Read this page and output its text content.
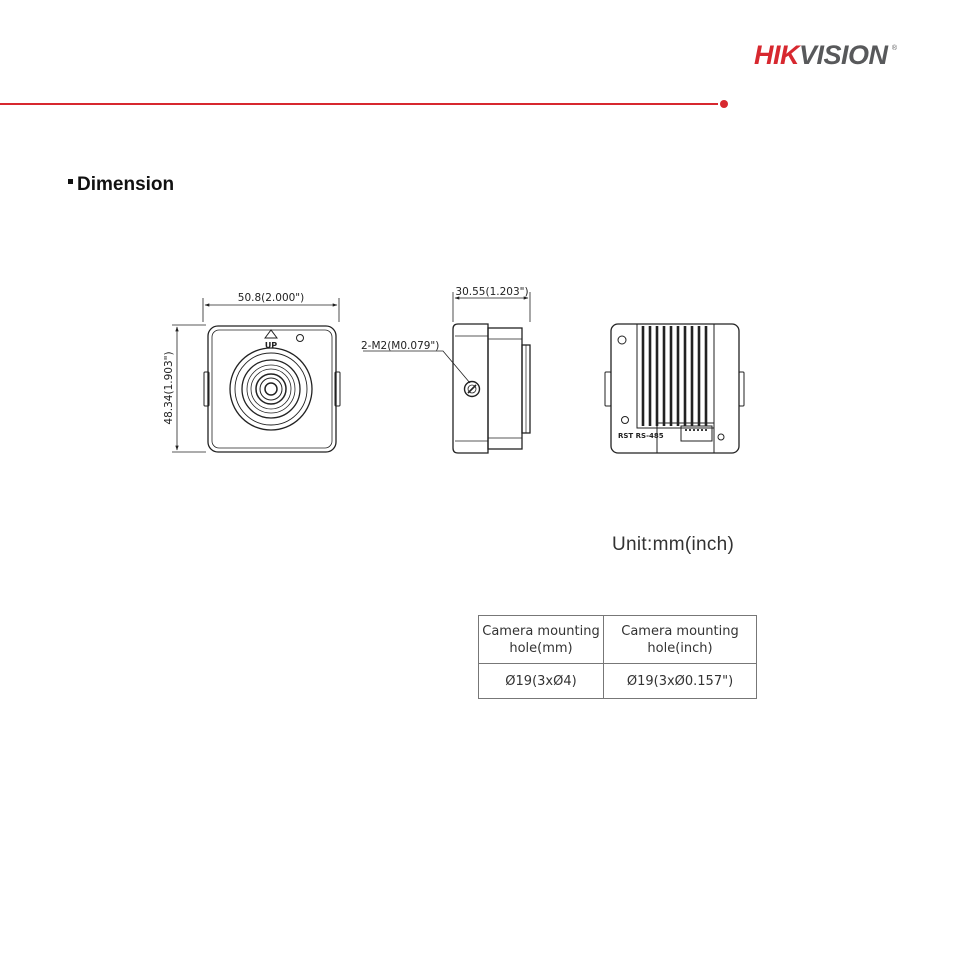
HIKVISION ®
Dimension
50.8(2.000")
48.34(1.903")
UP
30.55(1.203")
2-M2(M0.079")
RST RS-485
Unit:mm(inch)
Camera mounting hole(mm)	Camera mounting hole(inch)
Ø19(3xØ4)	Ø19(3xØ0.157")
